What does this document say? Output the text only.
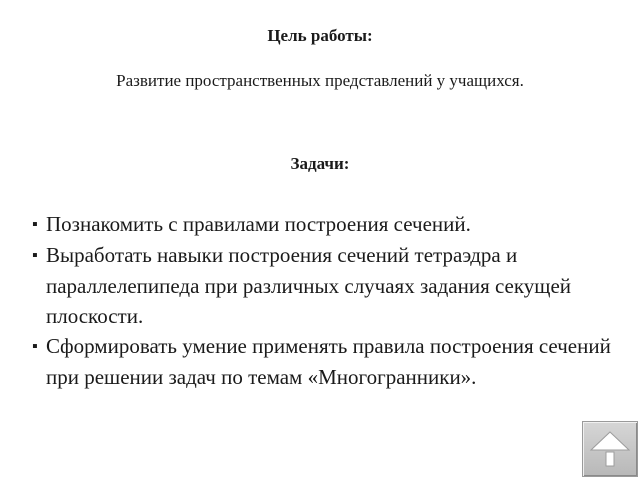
Цель работы:

Развитие пространственных представлений у учащихся.

Задачи:

▪ Познакомить с правилами построения сечений.
▪ Выработать навыки построения сечений тетраэдра и параллелепипеда при различных случаях задания секущей плоскости.
▪ Сформировать умение применять правила построения сечений при решении задач по темам «Многогранники».
